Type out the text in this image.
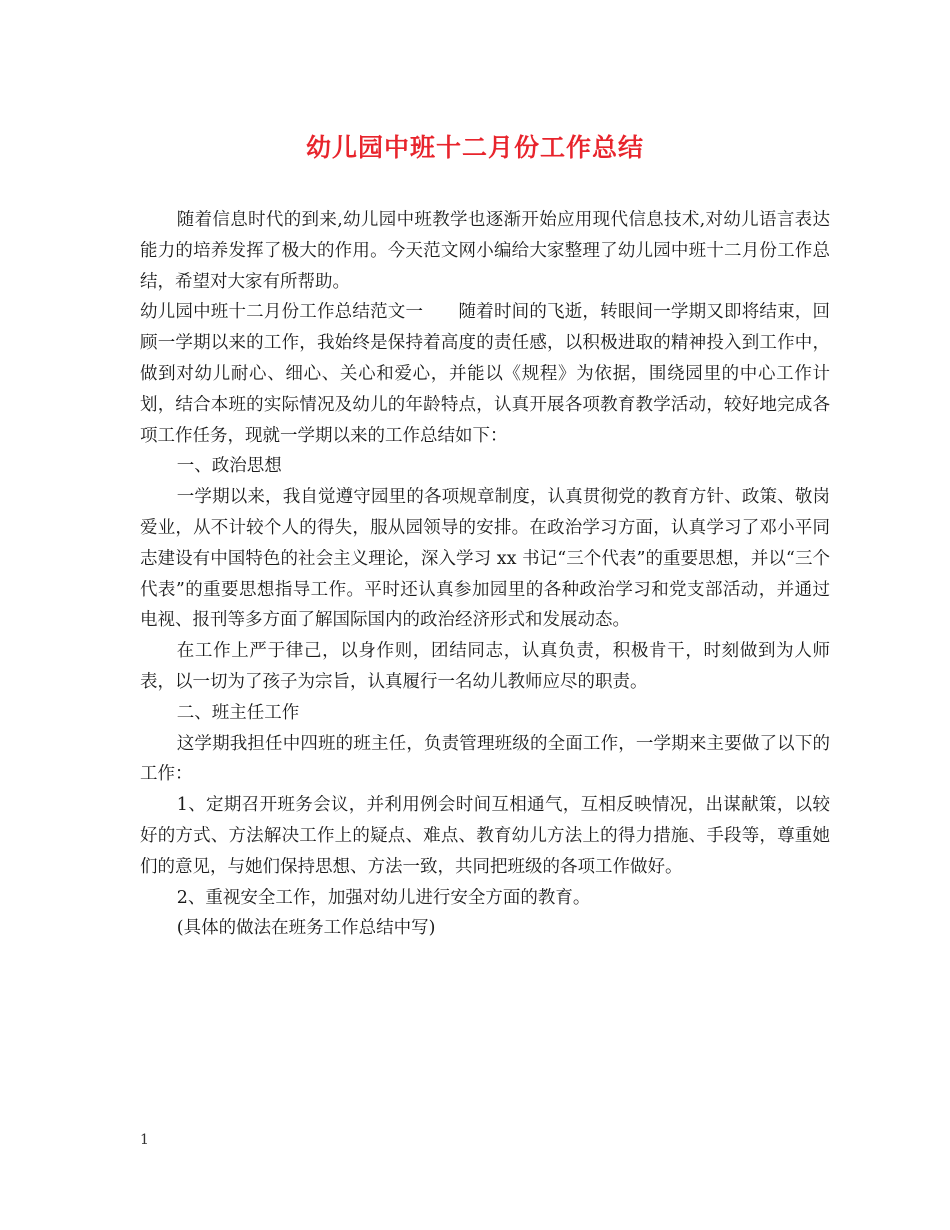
幼儿园中班十二月份工作总结

随着信息时代的到来,幼儿园中班教学也逐渐开始应用现代信息技术,对幼儿语言表达能力的培养发挥了极大的作用。今天范文网小编给大家整理了幼儿园中班十二月份工作总结，希望对大家有所帮助。

幼儿园中班十二月份工作总结范文一　　随着时间的飞逝，转眼间一学期又即将结束，回顾一学期以来的工作，我始终是保持着高度的责任感，以积极进取的精神投入到工作中，做到对幼儿耐心、细心、关心和爱心，并能以《规程》为依据，围绕园里的中心工作计划，结合本班的实际情况及幼儿的年龄特点，认真开展各项教育教学活动，较好地完成各项工作任务，现就一学期以来的工作总结如下：

一、政治思想

一学期以来，我自觉遵守园里的各项规章制度，认真贯彻党的教育方针、政策、敬岗爱业，从不计较个人的得失，服从园领导的安排。在政治学习方面，认真学习了邓小平同志建设有中国特色的社会主义理论，深入学习 xx 书记“三个代表”的重要思想，并以“三个代表”的重要思想指导工作。平时还认真参加园里的各种政治学习和党支部活动，并通过电视、报刊等多方面了解国际国内的政治经济形式和发展动态。

在工作上严于律己，以身作则，团结同志，认真负责，积极肯干，时刻做到为人师表，以一切为了孩子为宗旨，认真履行一名幼儿教师应尽的职责。

二、班主任工作

这学期我担任中四班的班主任，负责管理班级的全面工作，一学期来主要做了以下的工作：

1、定期召开班务会议，并利用例会时间互相通气，互相反映情况，出谋献策，以较好的方式、方法解决工作上的疑点、难点、教育幼儿方法上的得力措施、手段等，尊重她们的意见，与她们保持思想、方法一致，共同把班级的各项工作做好。

2、重视安全工作，加强对幼儿进行安全方面的教育。

(具体的做法在班务工作总结中写)

1
